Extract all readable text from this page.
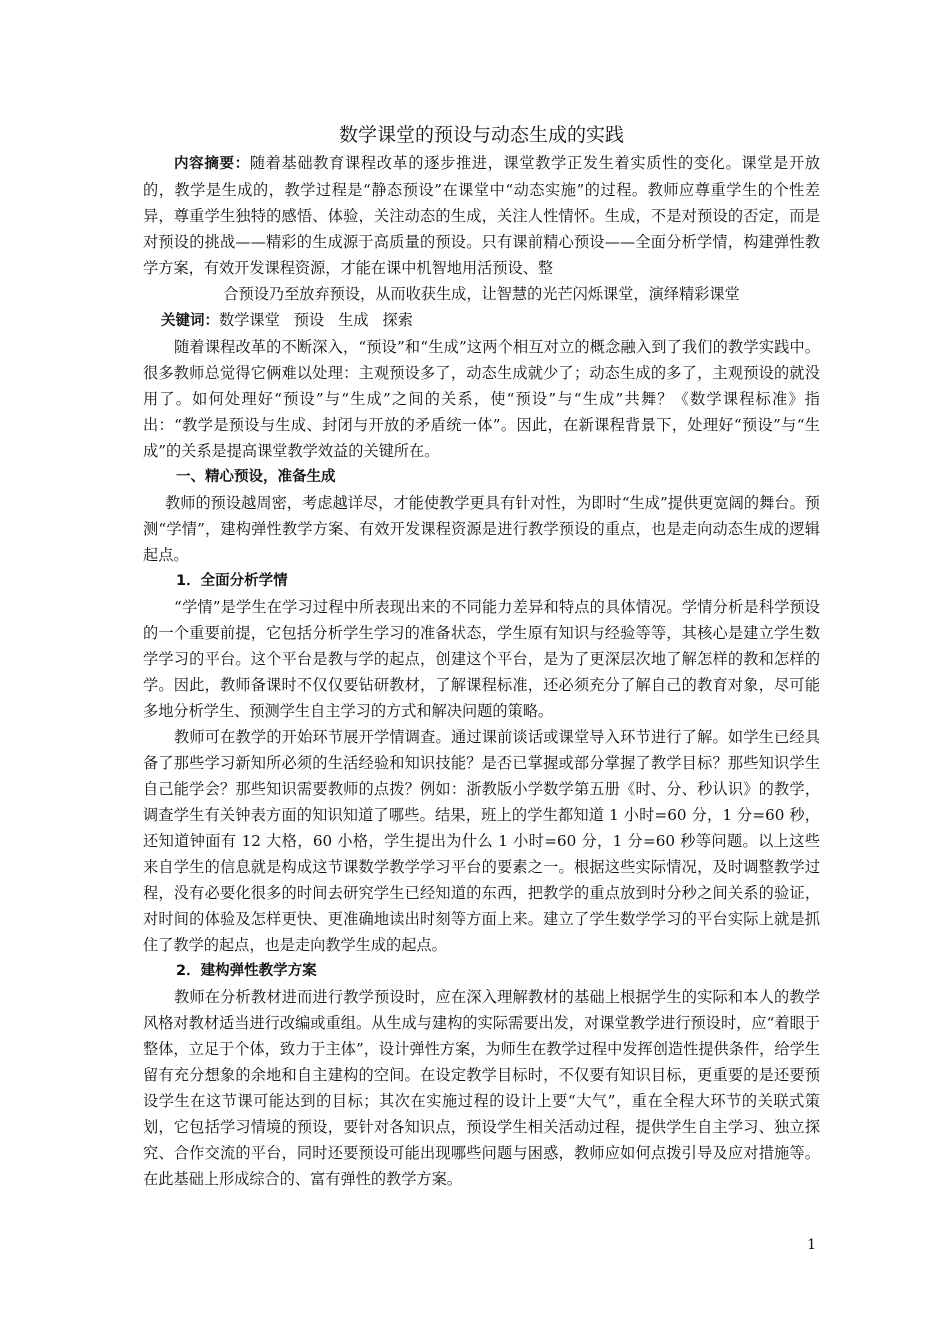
数学课堂的预设与动态生成的实践

内容摘要：随着基础教育课程改革的逐步推进，课堂教学正发生着实质性的变化。课堂是开放的，教学是生成的，教学过程是“静态预设”在课堂中“动态实施”的过程。教师应尊重学生的个性差异，尊重学生独特的感悟、体验，关注动态的生成，关注人性情怀。生成，不是对预设的否定，而是对预设的挑战——精彩的生成源于高质量的预设。只有课前精心预设——全面分析学情，构建弹性教学方案，有效开发课程资源，才能在课中机智地用活预设、整

合预设乃至放弃预设，从而收获生成，让智慧的光芒闪烁课堂，演绎精彩课堂

关键词：数学课堂 预设 生成 探索

随着课程改革的不断深入，“预设”和“生成”这两个相互对立的概念融入到了我们的教学实践中。很多教师总觉得它俩难以处理：主观预设多了，动态生成就少了；动态生成的多了，主观预设的就没用了。如何处理好“预设”与“生成”之间的关系，使“预设”与“生成”共舞？《数学课程标准》指出：“教学是预设与生成、封闭与开放的矛盾统一体”。因此，在新课程背景下，处理好“预设”与“生成”的关系是提高课堂教学效益的关键所在。

一、精心预设，准备生成

教师的预设越周密，考虑越详尽，才能使教学更具有针对性，为即时“生成”提供更宽阔的舞台。预测“学情”，建构弹性教学方案、有效开发课程资源是进行教学预设的重点，也是走向动态生成的逻辑起点。

1．全面分析学情

“学情”是学生在学习过程中所表现出来的不同能力差异和特点的具体情况。学情分析是科学预设的一个重要前提，它包括分析学生学习的准备状态，学生原有知识与经验等等，其核心是建立学生数学学习的平台。这个平台是教与学的起点，创建这个平台，是为了更深层次地了解怎样的教和怎样的学。因此，教师备课时不仅仅要钻研教材，了解课程标准，还必须充分了解自己的教育对象，尽可能多地分析学生、预测学生自主学习的方式和解决问题的策略。

教师可在教学的开始环节展开学情调查。通过课前谈话或课堂导入环节进行了解。如学生已经具备了那些学习新知所必须的生活经验和知识技能？是否已掌握或部分掌握了教学目标？那些知识学生自己能学会？那些知识需要教师的点拨？例如：浙教版小学数学第五册《时、分、秒认识》的教学，调查学生有关钟表方面的知识知道了哪些。结果，班上的学生都知道 1 小时=60 分，1 分=60 秒，还知道钟面有 12 大格，60 小格，学生提出为什么 1 小时=60 分，1 分=60 秒等问题。以上这些来自学生的信息就是构成这节课数学教学学习平台的要素之一。根据这些实际情况，及时调整教学过程，没有必要化很多的时间去研究学生已经知道的东西，把教学的重点放到时分秒之间关系的验证，对时间的体验及怎样更快、更准确地读出时刻等方面上来。建立了学生数学学习的平台实际上就是抓住了教学的起点，也是走向教学生成的起点。

2．建构弹性教学方案

教师在分析教材进而进行教学预设时，应在深入理解教材的基础上根据学生的实际和本人的教学风格对教材适当进行改编或重组。从生成与建构的实际需要出发，对课堂教学进行预设时，应“着眼于整体，立足于个体，致力于主体”，设计弹性方案，为师生在教学过程中发挥创造性提供条件，给学生留有充分想象的余地和自主建构的空间。在设定教学目标时，不仅要有知识目标，更重要的是还要预设学生在这节课可能达到的目标；其次在实施过程的设计上要“大气”，重在全程大环节的关联式策划，它包括学习情境的预设，要针对各知识点，预设学生相关活动过程，提供学生自主学习、独立探究、合作交流的平台，同时还要预设可能出现哪些问题与困惑，教师应如何点拨引导及应对措施等。在此基础上形成综合的、富有弹性的教学方案。

1
